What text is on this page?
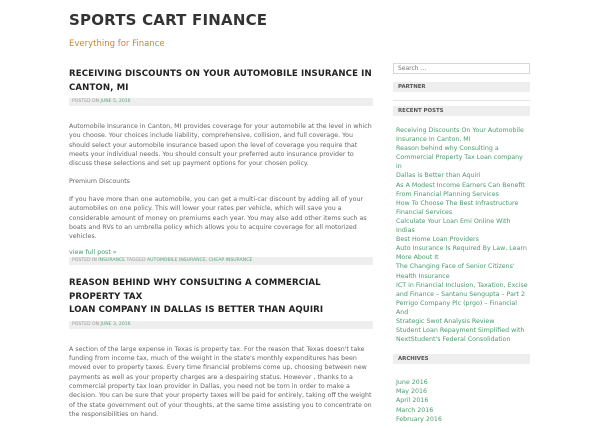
SPORTS CART FINANCE
Everything for Finance
RECEIVING DISCOUNTS ON YOUR AUTOMOBILE INSURANCE IN
CANTON, MI
POSTED ON JUNE 5, 2016

Automobile Insurance in Canton, MI provides coverage for your automobile at the level in which you choose. Your choices include liability, comprehensive, collision, and full coverage. You should select your automobile insurance based upon the level of coverage you require that meets your individual needs. You should consult your preferred auto insurance provider to discuss these selections and set up payment options for your chosen policy.

Premium Discounts

If you have more than one automobile, you can get a multi-car discount by adding all of your automobiles on one policy. This will lower your rates per vehicle, which will save you a considerable amount of money on premiums each year. You may also add other items such as boats and RVs to an umbrella policy which allows you to acquire coverage for all motorized vehicles.

view full post »
POSTED IN INSURANCE TAGGED AUTOMOBILE INSURANCE, CHEAP INSURANCE
REASON BEHIND WHY CONSULTING A COMMERCIAL PROPERTY TAX
LOAN COMPANY IN DALLAS IS BETTER THAN AQUIRI
POSTED ON JUNE 3, 2016

A section of the large expense in Texas is property tax. For the reason that Texas doesn't take funding from income tax, much of the weight in the state's monthly expenditures has been moved over to property taxes. Every time financial problems come up, choosing between new payments as well as your property charges are a despairing status. However , thanks to a commercial property tax loan provider in Dallas, you need not be torn in order to make a decision. You can be sure that your property taxes will be paid for entirely, taking off the weight of the state government out of your thoughts, at the same time assisting you to concentrate on the responsibilities on hand.

Search ...
PARTNER
RECENT POSTS
Receiving Discounts On Your Automobile
Insurance In Canton, MI
Reason behind why Consulting a
Commercial Property Tax Loan company in
Dallas is Better than Aquiri
As A Modest Income Earners Can Benefit
From Financial Planning Services
How To Choose The Best Infrastructure
Financial Services
Calculate Your Loan Emi Online With Indias
Best Home Loan Providers
Auto Insurance Is Required By Law, Learn
More About It
The Changing Face of Senior Citizens'
Health Insurance
ICT in Financial Inclusion, Taxation, Excise
and Finance – Santanu Sengupta – Part 2
Perrigo Company Plc (prgo) – Financial And
Strategic Swot Analysis Review
Student Loan Repayment Simplified with
NextStudent's Federal Consolidation
ARCHIVES
June 2016
May 2016
April 2016
March 2016
February 2016
